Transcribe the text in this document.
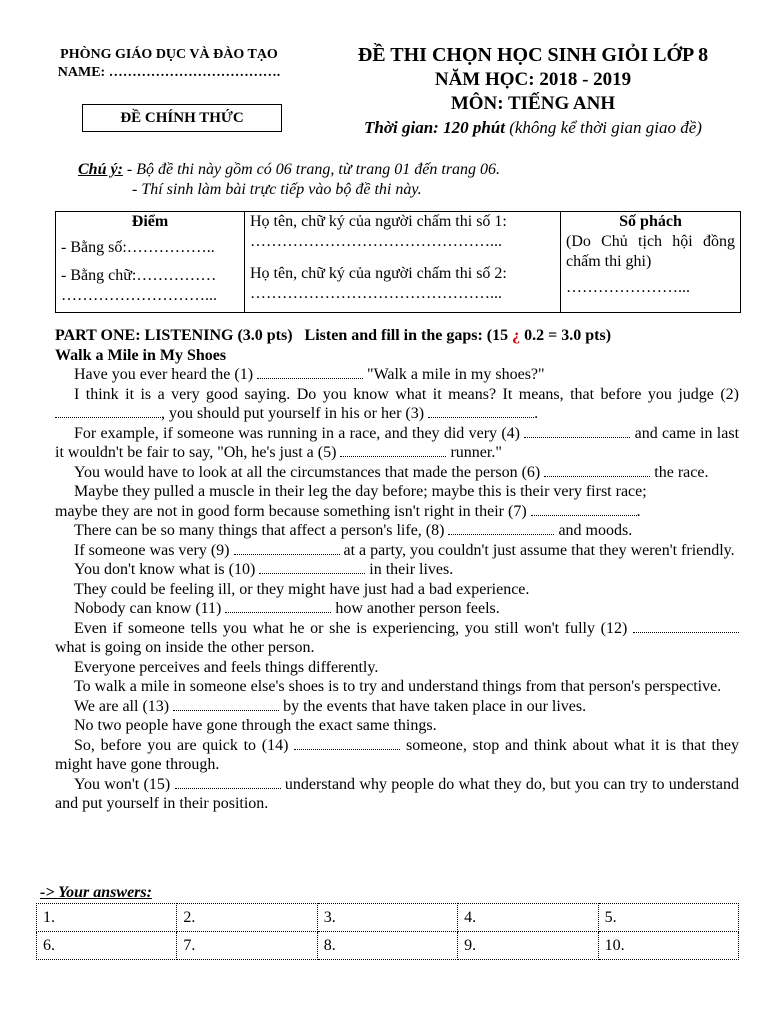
PHÒNG GIÁO DỤC VÀ ĐÀO TẠO
NAME: ……………………………….
ĐỀ CHÍNH THỨC
ĐỀ THI CHỌN HỌC SINH GIỎI LỚP 8
NĂM HỌC: 2018 - 2019
MÔN: TIẾNG ANH
Thời gian: 120 phút (không kể thời gian giao đề)
Chú ý: - Bộ đề thi này gồm có 06 trang, từ trang 01 đến trang 06.
- Thí sinh làm bài trực tiếp vào bộ đề thi này.
Điểm
- Bằng số:……………..
- Bằng chữ:……………
………………………...

Họ tên, chữ ký của người chấm thi số 1:
………………………………………...
Họ tên, chữ ký của người chấm thi số 2:
………………………………………...

Số phách
(Do Chủ tịch hội đồng chấm thi ghi)
…………………...

PART ONE: LISTENING (3.0 pts) Listen and fill in the gaps: (15 ¿ 0.2 = 3.0 pts)

Walk a Mile in My Shoes

Have you ever heard the (1)	"Walk a mile in my shoes?"

I think it is a very good saying. Do you know what it means? It means, that before you judge (2) , you should put yourself in his or her (3)	.

For example, if someone was running in a race, and they did very (4)	and came in last it wouldn't be fair to say, "Oh, he's just a (5)	runner."

You would have to look at all the circumstances that made the person (6)	the race.

Maybe they pulled a muscle in their leg the day before; maybe this is their very first race;

maybe they are not in good form because something isn't right in their (7)	.

There can be so many things that affect a person's life, (8)	and moods.

If someone was very (9)	at a party, you couldn't just assume that they weren't friendly.

You don't know what is (10)	in their lives.

They could be feeling ill, or they might have just had a bad experience.

Nobody can know (11)	how another person feels.

Even if someone tells you what he or she is experiencing, you still won't fully (12)  what is going on inside the other person.

Everyone perceives and feels things differently.

To walk a mile in someone else's shoes is to try and understand things from that person's perspective.

We are all (13)	by the events that have taken place in our lives.

No two people have gone through the exact same things.

So, before you are quick to (14)	someone, stop and think about what it is that they might have gone through.

You won't (15)	understand why people do what they do, but you can try to understand and put yourself in their position.

-> Your answers:
1.	2.	3.	4.	5.
6.	7.	8.	9.	10.
